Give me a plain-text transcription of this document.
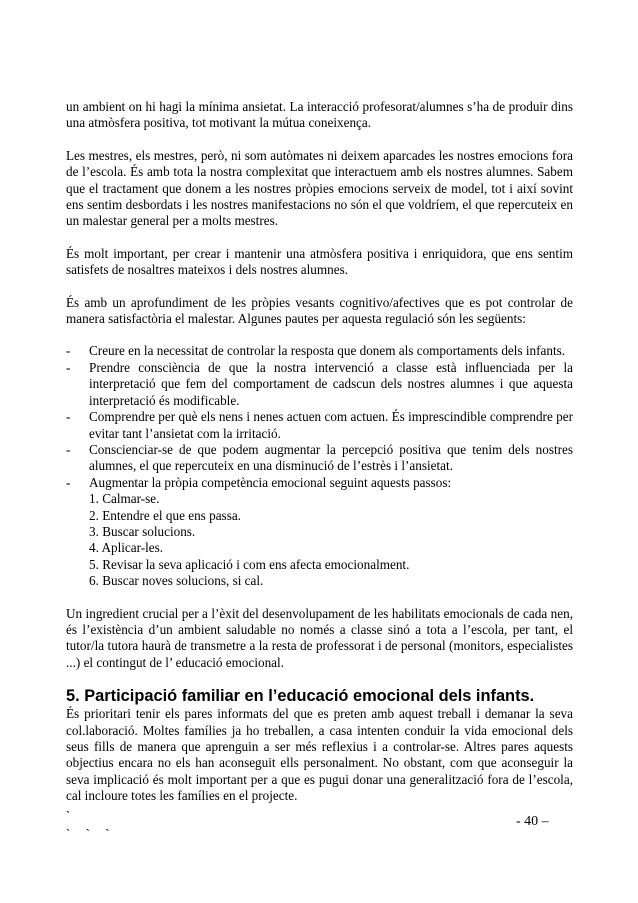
un ambient on hi hagi la mínima ansietat. La interacció profesorat/alumnes s’ha de produir dins una atmòsfera positiva, tot motivant la mútua coneixença.

Les mestres, els mestres, però, ni som autòmates ni deixem aparcades les nostres emocions fora de l’escola. És amb tota la nostra complexitat que interactuem amb els nostres alumnes. Sabem que el tractament que donem a les nostres pròpies emocions serveix de model, tot i així sovint ens sentim desbordats i les nostres manifestacions no són el que voldríem, el que repercuteix en un malestar general per a molts mestres.

És molt important, per crear i mantenir una atmòsfera positiva i enriquidora, que ens sentim satisfets de nosaltres mateixos i dels nostres alumnes.

És amb un aprofundiment de les pròpies vesants cognitivo/afectives que es pot controlar de manera satisfactòria el malestar. Algunes pautes per aquesta regulació són les següents:

- Creure en la necessitat de controlar la resposta que donem als comportaments dels infants.
- Prendre consciència de que la nostra intervenció a classe està influenciada per la interpretació que fem del comportament de cadscun dels nostres alumnes i que aquesta interpretació és modificable.
- Comprendre per què els nens i nenes actuen com actuen. És imprescindible comprendre per evitar tant l’ansietat com la irritació.
- Conscienciar-se de que podem augmentar la percepció positiva que tenim dels nostres alumnes, el que repercuteix en una disminució de l’estrès i l’ansietat.
- Augmentar la pròpia competència emocional seguint aquests passos:
1. Calmar-se.
2. Entendre el que ens passa.
3. Buscar solucions.
4. Aplicar-les.
5. Revisar la seva aplicació i com ens afecta emocionalment.
6. Buscar noves solucions, si cal.

Un ingredient crucial per a l’èxit del desenvolupament de les habilitats emocionals de cada nen, és l’existència d’un ambient saludable no només a classe sinó a tota a l’escola, per tant, el tutor/la tutora haurà de transmetre a la resta de professorat i de personal (monitors, especialistes ...) el contingut de l’ educació emocional.

5. Participació familiar en l’educació emocional dels infants.

És prioritari tenir els pares informats del que es preten amb aquest treball i demanar la seva col.laboració. Moltes famílies ja ho treballen, a casa intenten conduir la vida emocional dels seus fills de manera que aprenguin a ser més reflexius i a controlar-se. Altres pares aquests objectius encara no els han aconseguit ells personalment. No obstant, com que aconseguir la seva implicació és molt important per a que es pugui donar una generalització fora de l’escola, cal incloure totes les famílies en el projecte.

`
` ` `
- 40 –
